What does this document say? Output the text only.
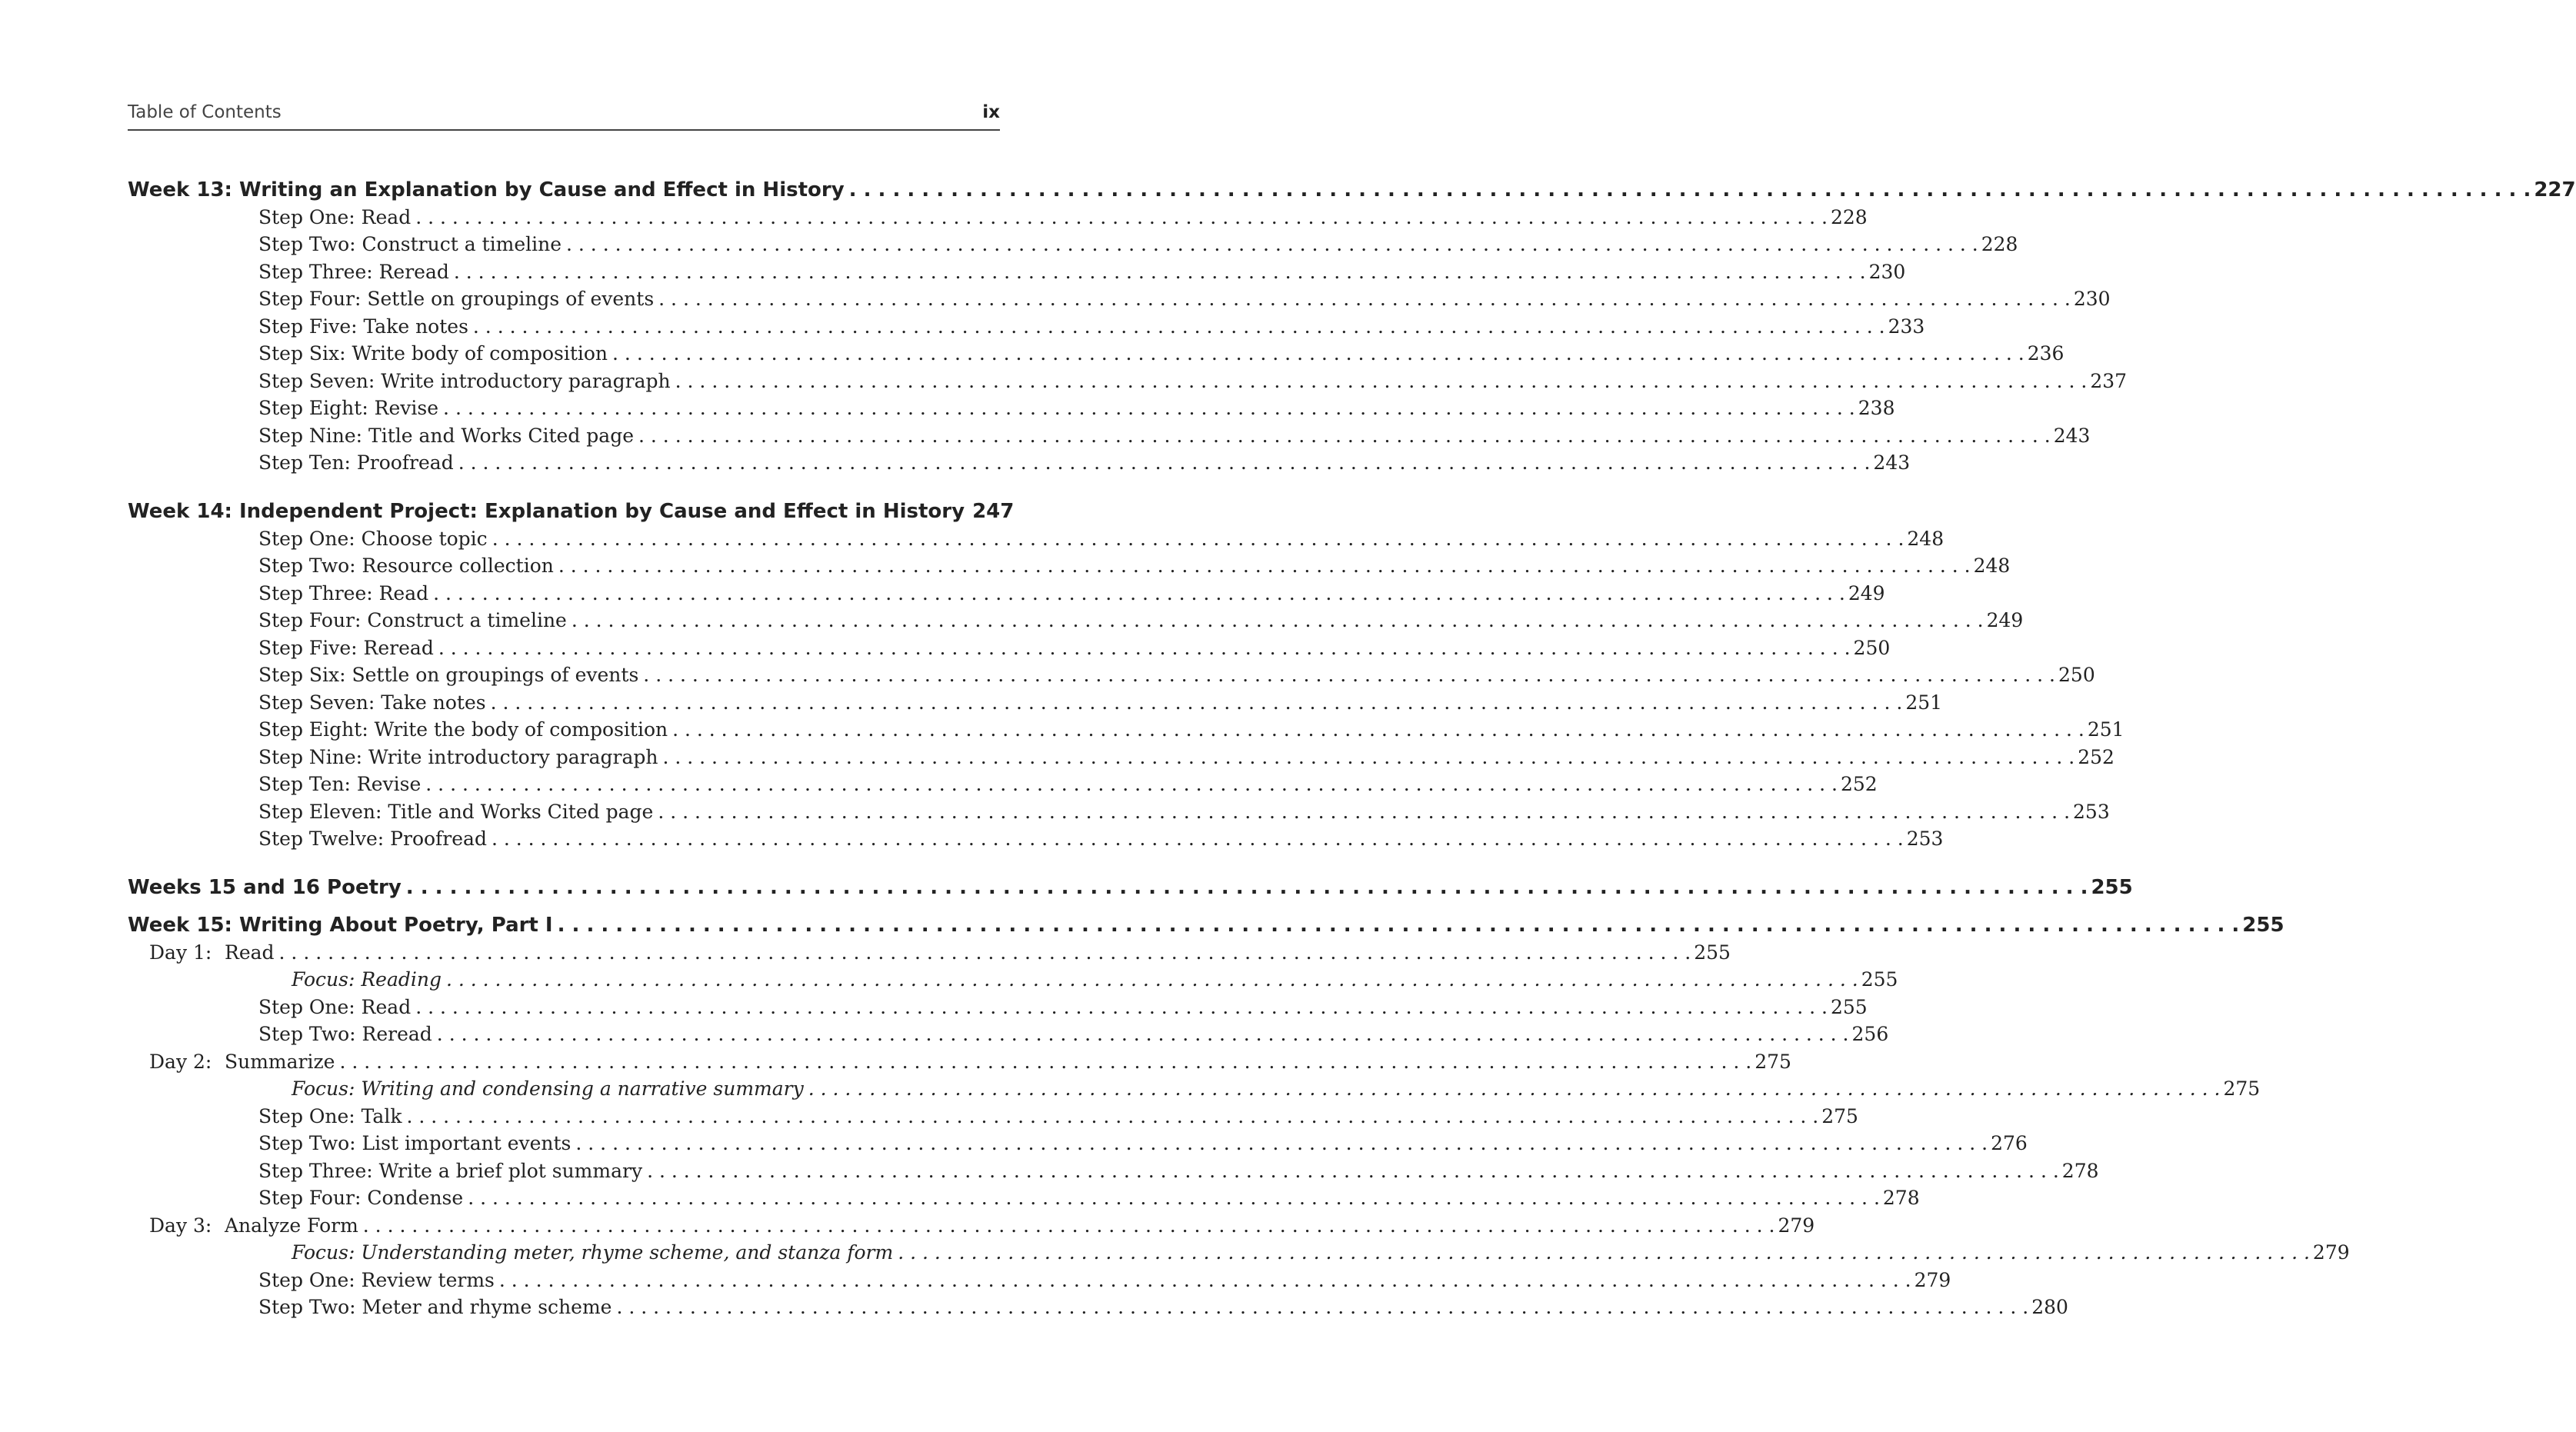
Table of Contents	ix
Week 13: Writing an Explanation by Cause and Effect in History . . .	227
Step One: Read . . .	228
Step Two: Construct a timeline . . .	228
Step Three: Reread . . .	230
Step Four: Settle on groupings of events . . .	230
Step Five: Take notes . . .	233
Step Six: Write body of composition . . .	236
Step Seven: Write introductory paragraph . . .	237
Step Eight: Revise . . .	238
Step Nine: Title and Works Cited page . . .	243
Step Ten: Proofread . . .	243
Week 14: Independent Project: Explanation by Cause and Effect in History 247
Step One: Choose topic . . .	248
Step Two: Resource collection . . .	248
Step Three: Read . . .	249
Step Four: Construct a timeline . . .	249
Step Five: Reread . . .	250
Step Six: Settle on groupings of events . . .	250
Step Seven: Take notes . . .	251
Step Eight: Write the body of composition . . .	251
Step Nine: Write introductory paragraph . . .	252
Step Ten: Revise . . .	252
Step Eleven: Title and Works Cited page . . .	253
Step Twelve: Proofread . . .	253
Weeks 15 and 16 Poetry . . .	255
Week 15: Writing About Poetry, Part I . . .	255
Day 1: Read . . .	255
Focus: Reading . . .	255
Step One: Read . . .	255
Step Two: Reread . . .	256
Day 2: Summarize . . .	275
Focus: Writing and condensing a narrative summary . . .	275
Step One: Talk . . .	275
Step Two: List important events . . .	276
Step Three: Write a brief plot summary . . .	278
Step Four: Condense . . .	278
Day 3: Analyze Form . . .	279
Focus: Understanding meter, rhyme scheme, and stanza form . . .	279
Step One: Review terms . . .	279
Step Two: Meter and rhyme scheme . . .	280
